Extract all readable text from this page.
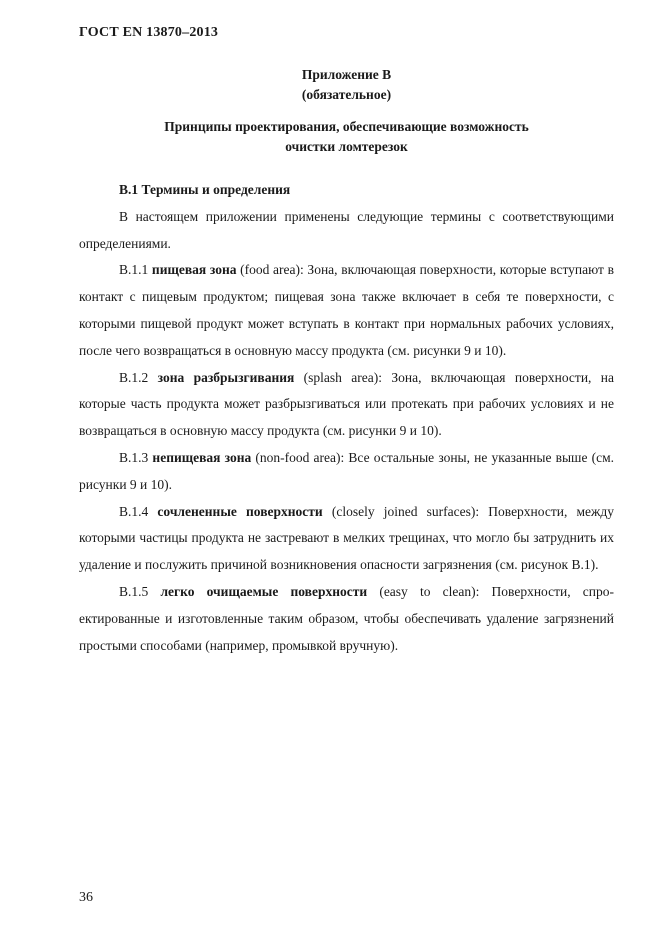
ГОСТ EN 13870–2013
Приложение В
(обязательное)
Принципы проектирования, обеспечивающие возможность
очистки ломтерезок

В.1 Термины и определения

В настоящем приложении применены следующие термины с соответствующими определениями.

В.1.1 пищевая зона (food area): Зона, включающая поверхности, которые вступают в контакт с пищевым продуктом; пищевая зона также включает в себя те поверхности, с которыми пищевой продукт может вступать в контакт при нормальных рабочих условиях, после чего возвращаться в основную массу продукта (см. рисунки 9 и 10).

В.1.2 зона разбрызгивания (splash area): Зона, включающая поверхности, на которые часть продукта может разбрызгиваться или протекать при рабочих условиях и не возвращаться в основную массу продукта (см. рисунки 9 и 10).

В.1.3 непищевая зона (non-food area): Все остальные зоны, не указанные выше (см. рисунки 9 и 10).

В.1.4 сочлененные поверхности (closely joined surfaces): Поверхности, между которыми частицы продукта не застревают в мелких трещинах, что могло бы затруднить их удаление и послужить причиной возникновения опасности загрязнения (см. рисунок В.1).

В.1.5 легко очищаемые поверхности (easy to clean): Поверхности, спроектированные и изготовленные таким образом, чтобы обеспечивать удаление загрязнений простыми способами (например, промывкой вручную).

36
